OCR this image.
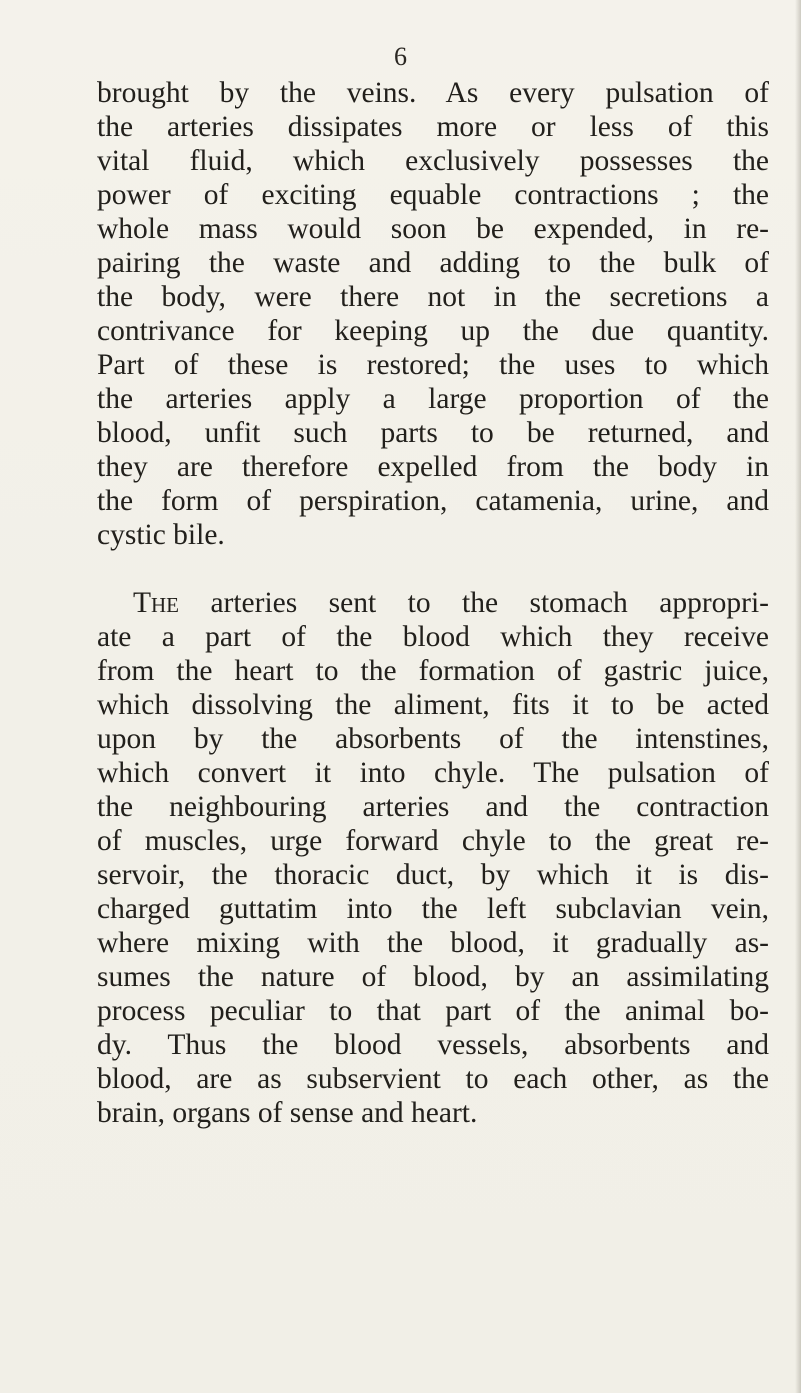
6
brought by the veins. As every pulsation of
the arteries dissipates more or less of this
vital fluid, which exclusively possesses the
power of exciting equable contractions ; the
whole mass would soon be expended, in re-
pairing the waste and adding to the bulk of
the body, were there not in the secretions a
contrivance for keeping up the due quantity.
Part of these is restored; the uses to which
the arteries apply a large proportion of the
blood, unfit such parts to be returned, and
they are therefore expelled from the body in
the form of perspiration, catamenia, urine, and
cystic bile.
The arteries sent to the stomach appropri-
ate a part of the blood which they receive
from the heart to the formation of gastric juice,
which dissolving the aliment, fits it to be acted
upon by the absorbents of the intenstines,
which convert it into chyle. The pulsation of
the neighbouring arteries and the contraction
of muscles, urge forward chyle to the great re-
servoir, the thoracic duct, by which it is dis-
charged guttatim into the left subclavian vein,
where mixing with the blood, it gradually as-
sumes the nature of blood, by an assimilating
process peculiar to that part of the animal bo-
dy. Thus the blood vessels, absorbents and
blood, are as subservient to each other, as the
brain, organs of sense and heart.
